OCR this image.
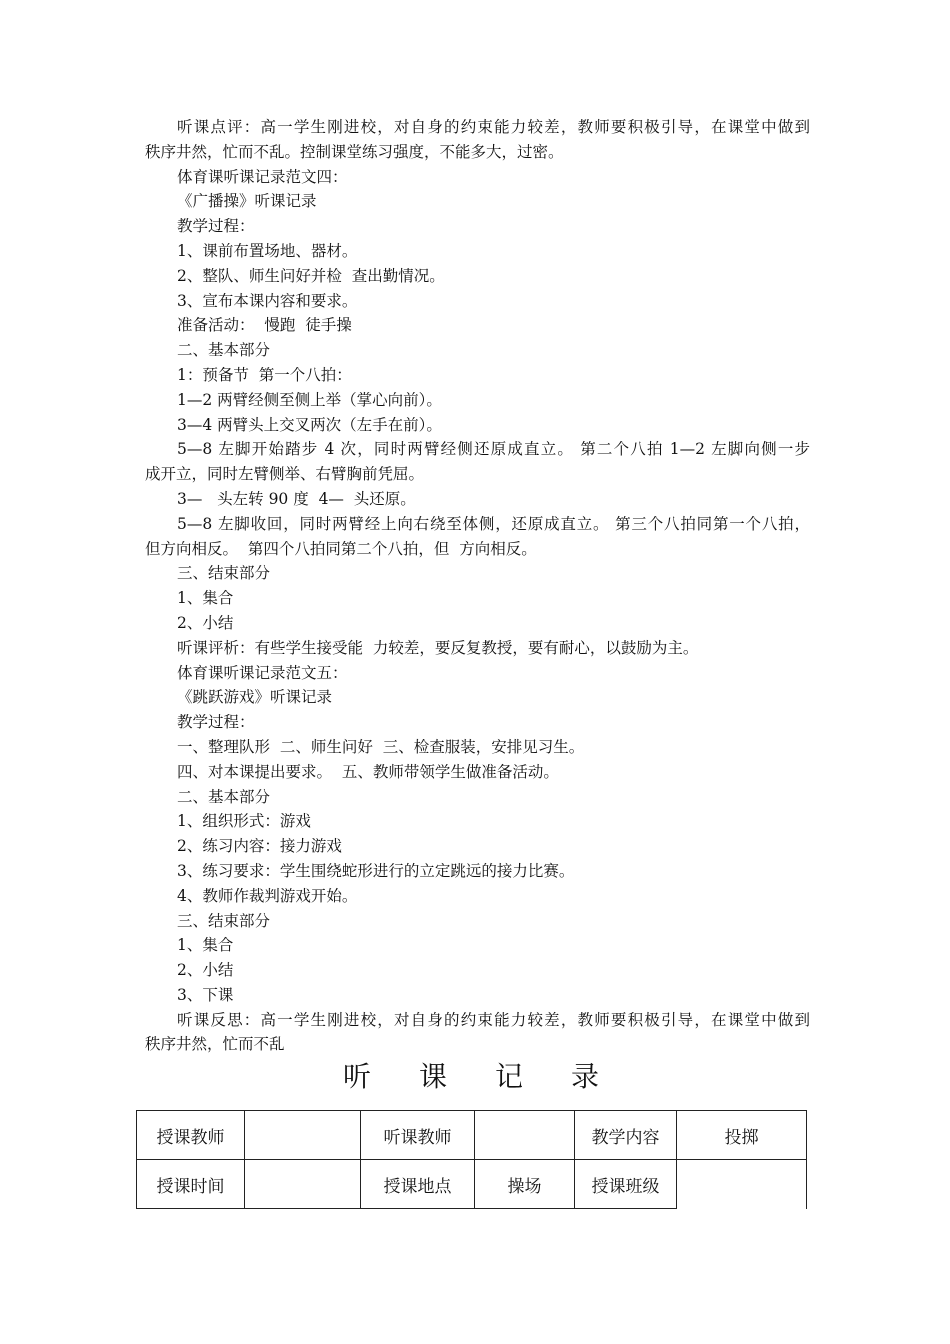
听课点评：高一学生刚进校，对自身的约束能力较差，教师要积极引导，在课堂中做到
秩序井然，忙而不乱。控制课堂练习强度，不能多大，过密。
体育课听课记录范文四：
《广播操》听课记录
教学过程：
1、课前布置场地、器材。
2、整队、师生问好并检  查出勤情况。
3、宣布本课内容和要求。
准备活动：  慢跑  徒手操
二、基本部分
1：预备节  第一个八拍：
1—2 两臂经侧至侧上举（掌心向前）。
3—4 两臂头上交叉两次（左手在前）。
5—8 左脚开始踏步 4 次，同时两臂经侧还原成直立。 第二个八拍 1—2 左脚向侧一步
成开立，同时左臂侧举、右臂胸前凭屈。
3—   头左转 90 度  4—  头还原。
5—8 左脚收回，同时两臂经上向右绕至体侧，还原成直立。 第三个八拍同第一个八拍，
但方向相反。  第四个八拍同第二个八拍，但  方向相反。
三、结束部分
1、集合
2、小结
听课评析：有些学生接受能  力较差，要反复教授，要有耐心，以鼓励为主。
体育课听课记录范文五：
《跳跃游戏》听课记录
教学过程：
一、整理队形  二、师生问好  三、检查服装，安排见习生。
四、对本课提出要求。  五、教师带领学生做准备活动。
二、基本部分
1、组织形式：游戏
2、练习内容：接力游戏
3、练习要求：学生围绕蛇形进行的立定跳远的接力比赛。
4、教师作裁判游戏开始。
三、结束部分
1、集合
2、小结
3、下课
听课反思：高一学生刚进校，对自身的约束能力较差，教师要积极引导，在课堂中做到
秩序井然，忙而不乱
听课记录
授课教师		听课教师		教学内容	投掷
授课时间		授课地点	操场	授课班级	
